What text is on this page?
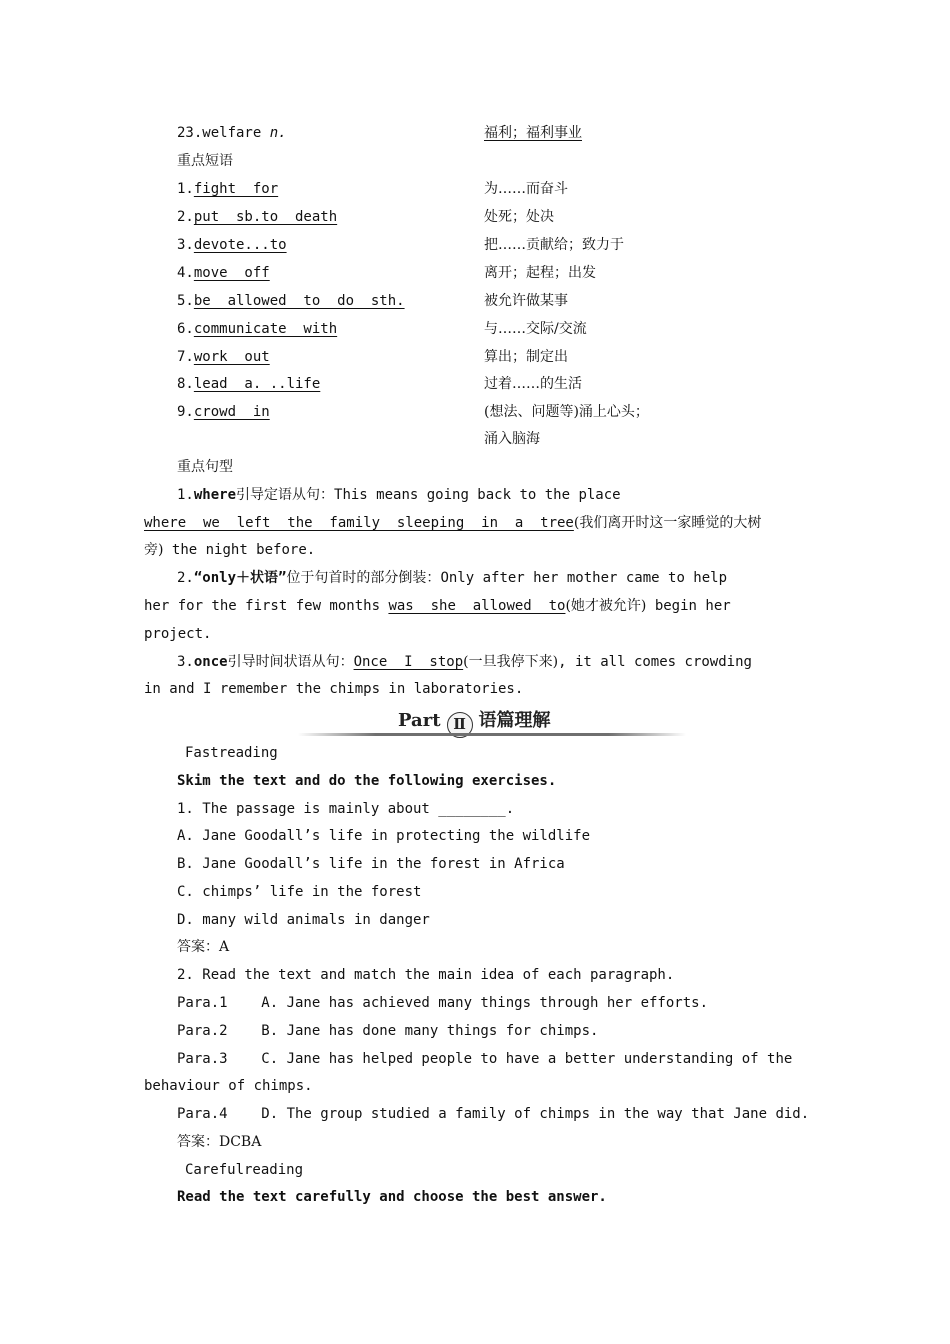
23.welfare n.	福利；福利事业
重点短语
1.fight  for	为……而奋斗
2.put  sb.to  death	处死；处决
3.devote...to	把……贡献给；致力于
4.move  off	离开；起程；出发
5.be  allowed  to  do  sth.	被允许做某事
6.communicate  with	与……交际/交流
7.work  out	算出；制定出
8.lead  a. ..life	过着……的生活
9.crowd  in	(想法、问题等)涌上心头；
涌入脑海
重点句型
1.where引导定语从句：This means going back to the place
where  we  left  the  family  sleeping  in  a  tree(我们离开时这一家睡觉的大树
旁) the night before.
2.“only＋状语”位于句首时的部分倒装：Only after her mother came to help
her for the first few months was  she  allowed  to(她才被允许) begin her
project.
3.once引导时间状语从句：Once  I  stop(一旦我停下来), it all comes crowding
in and I remember the chimps in laboratories.
Part Ⅱ 语篇理解
Fastreading
Skim the text and do the following exercises.
1. The passage is mainly about ________.
A. Jane Goodall’s life in protecting the wildlife
B. Jane Goodall’s life in the forest in Africa
C. chimps’ life in the forest
D. many wild animals in danger
答案：A
2. Read the text and match the main idea of each paragraph.
Para.1    A. Jane has achieved many things through her efforts.
Para.2    B. Jane has done many things for chimps.
Para.3    C. Jane has helped people to have a better understanding of the
behaviour of chimps.
Para.4    D. The group studied a family of chimps in the way that Jane did.
答案：DCBA
Carefulreading
Read the text carefully and choose the best answer.
